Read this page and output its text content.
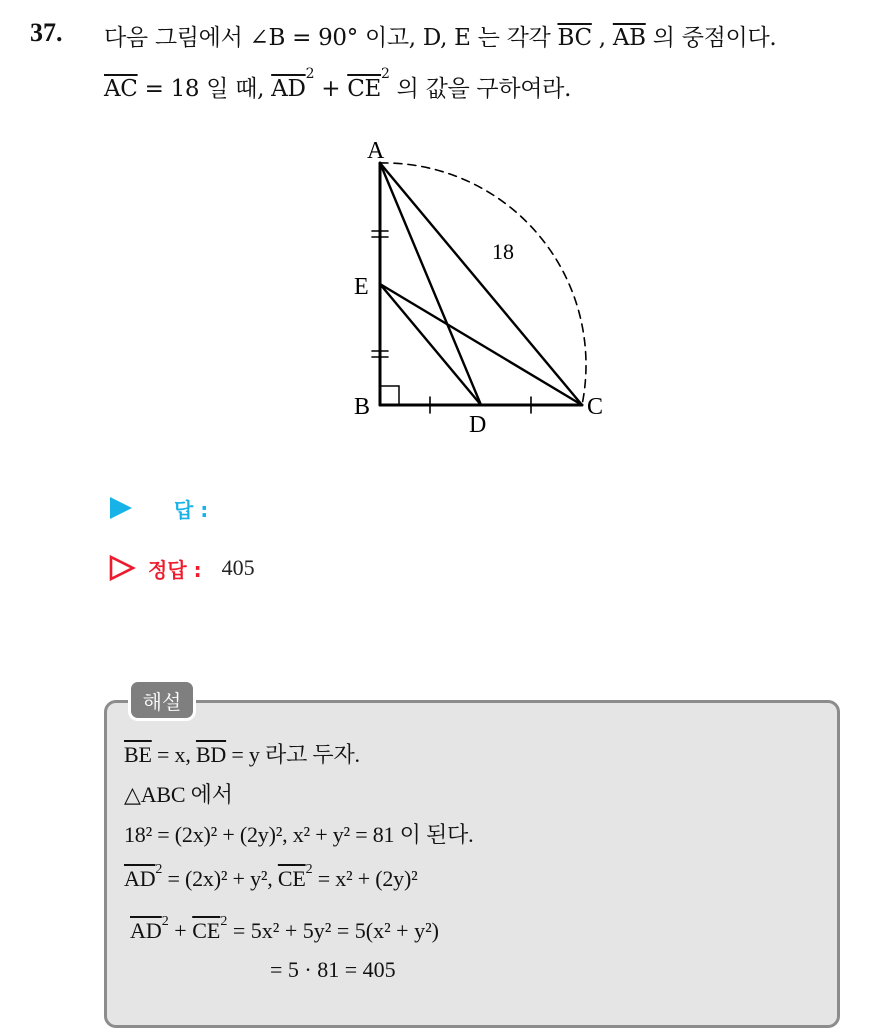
37. 다음 그림에서 ∠B = 90° 이고, D, E 는 각각 $\overline{BC}$ , $\overline{AB}$ 의 중점이다.
$\overline{AC} = 18$ 일 때, $\overline{AD}^2 + \overline{CE}^2$ 의 값을 구하여라.
A
E
B
D
C
18
답 :
정답 : 405
해설
$\overline{BE} = x$, $\overline{BD} = y$ 라고 두자.
△ABC 에서
18² = (2x)² + (2y)², x² + y² = 81 이 된다.
$\overline{AD}^2 = (2x)^2 + y^2$, $\overline{CE}^2 = x^2 + (2y)^2$
$\overline{AD}^2 + \overline{CE}^2 = 5x^2 + 5y^2 = 5(x^2 + y^2)$
= 5 · 81 = 405
